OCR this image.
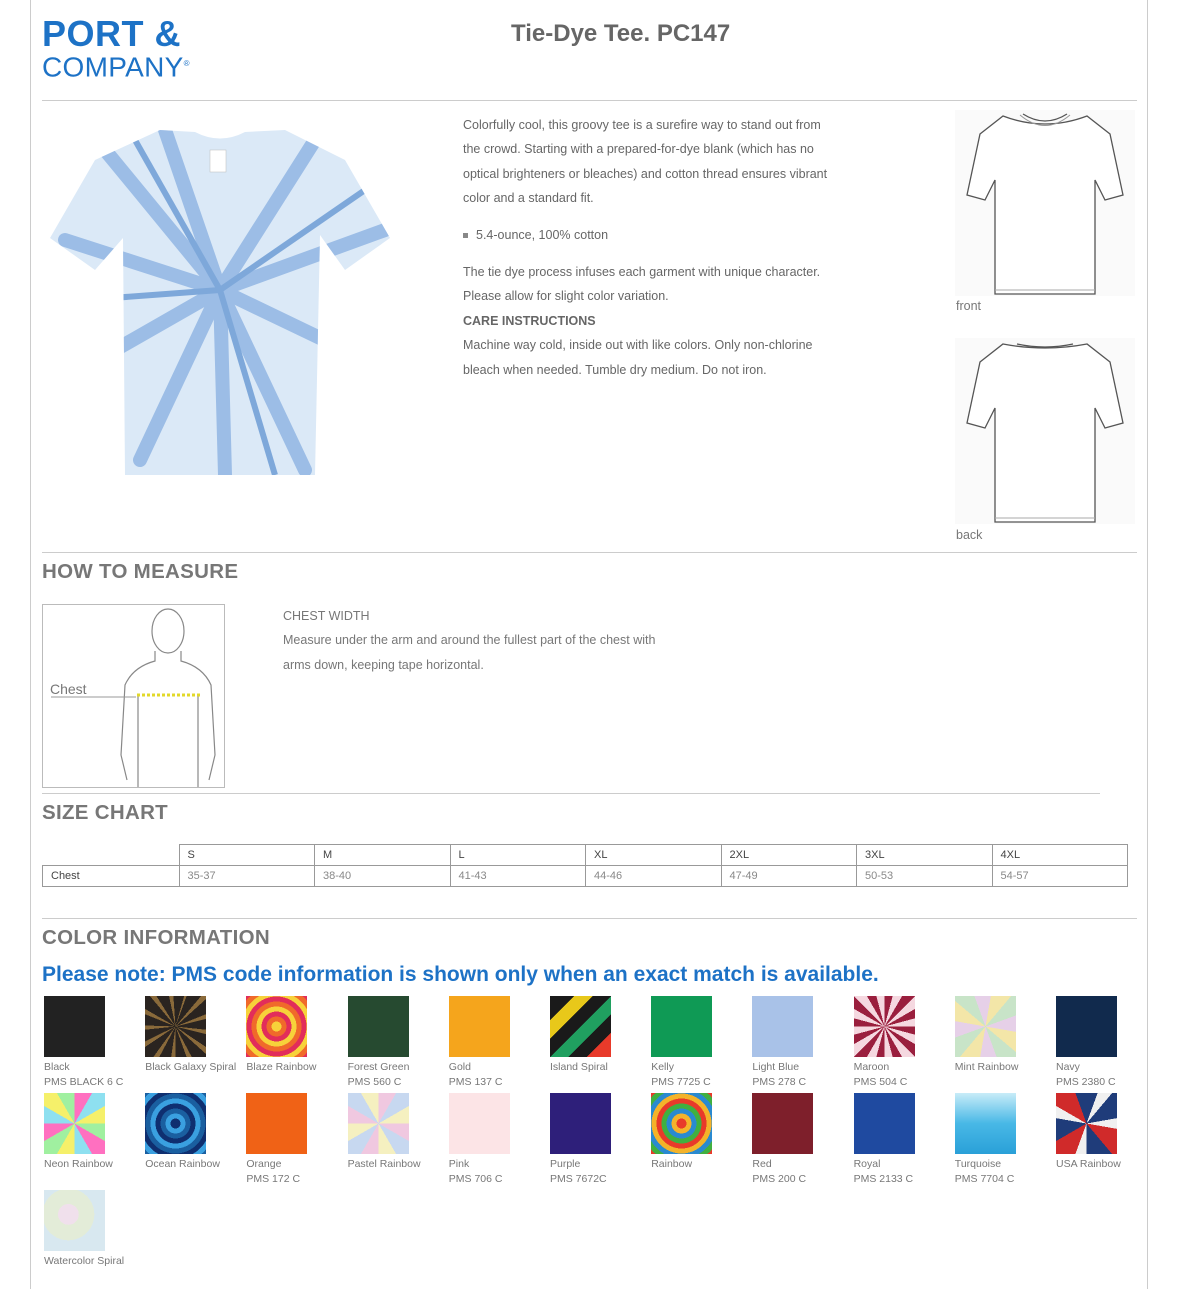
PORT &
COMPANY®
Tie-Dye Tee. PC147

Colorfully cool, this groovy tee is a surefire way to stand out from the crowd. Starting with a prepared-for-dye blank (which has no optical brighteners or bleaches) and cotton thread ensures vibrant color and a standard fit.

5.4-ounce, 100% cotton

The tie dye process infuses each garment with unique character. Please allow for slight color variation.

CARE INSTRUCTIONS

Machine way cold, inside out with like colors. Only non-chlorine bleach when needed. Tumble dry medium. Do not iron.

front
back
HOW TO MEASURE
Chest
CHEST WIDTH
Measure under the arm and around the fullest part of the chest with arms down, keeping tape horizontal.
SIZE CHART
	S	M	L	XL	2XL	3XL	4XL
Chest	35-37	38-40	41-43	44-46	47-49	50-53	54-57
COLOR INFORMATION
Please note: PMS code information is shown only when an exact match is available.
Black
PMS BLACK 6 C
Black Galaxy Spiral Blaze Rainbow	Forest Green
PMS 560 C
Gold
PMS 137 C
Island Spiral	Kelly
PMS 7725 C
Light Blue
PMS 278 C
Maroon
PMS 504 C
Mint Rainbow	Navy
PMS 2380 C
Neon Rainbow	Ocean Rainbow	Orange
PMS 172 C
Pastel Rainbow	Pink
PMS 706 C
Purple
PMS 7672C
Rainbow	Red
PMS 200 C
Royal
PMS 2133 C
Turquoise
PMS 7704 C
USA Rainbow
Watercolor Spiral
